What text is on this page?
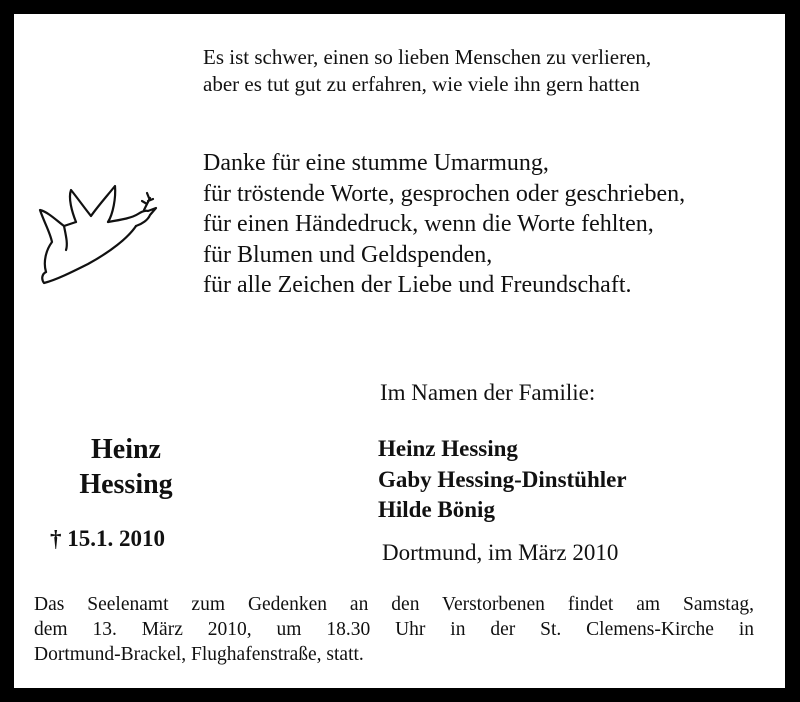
Es ist schwer, einen so lieben Menschen zu verlieren,
aber es tut gut zu erfahren, wie viele ihn gern hatten
Danke für eine stumme Umarmung,
für tröstende Worte, gesprochen oder geschrieben,
für einen Händedruck, wenn die Worte fehlten,
für Blumen und Geldspenden,
für alle Zeichen der Liebe und Freundschaft.
Im Namen der Familie:
Heinz Hessing
Gaby Hessing-Dinstühler
Hilde Bönig
Heinz
Hessing
† 15.1. 2010
Dortmund, im März 2010
Das Seelenamt zum Gedenken an den Verstorbenen findet am Samstag,
dem 13. März 2010, um 18.30 Uhr in der St. Clemens-Kirche in
Dortmund-Brackel, Flughafenstraße, statt.
